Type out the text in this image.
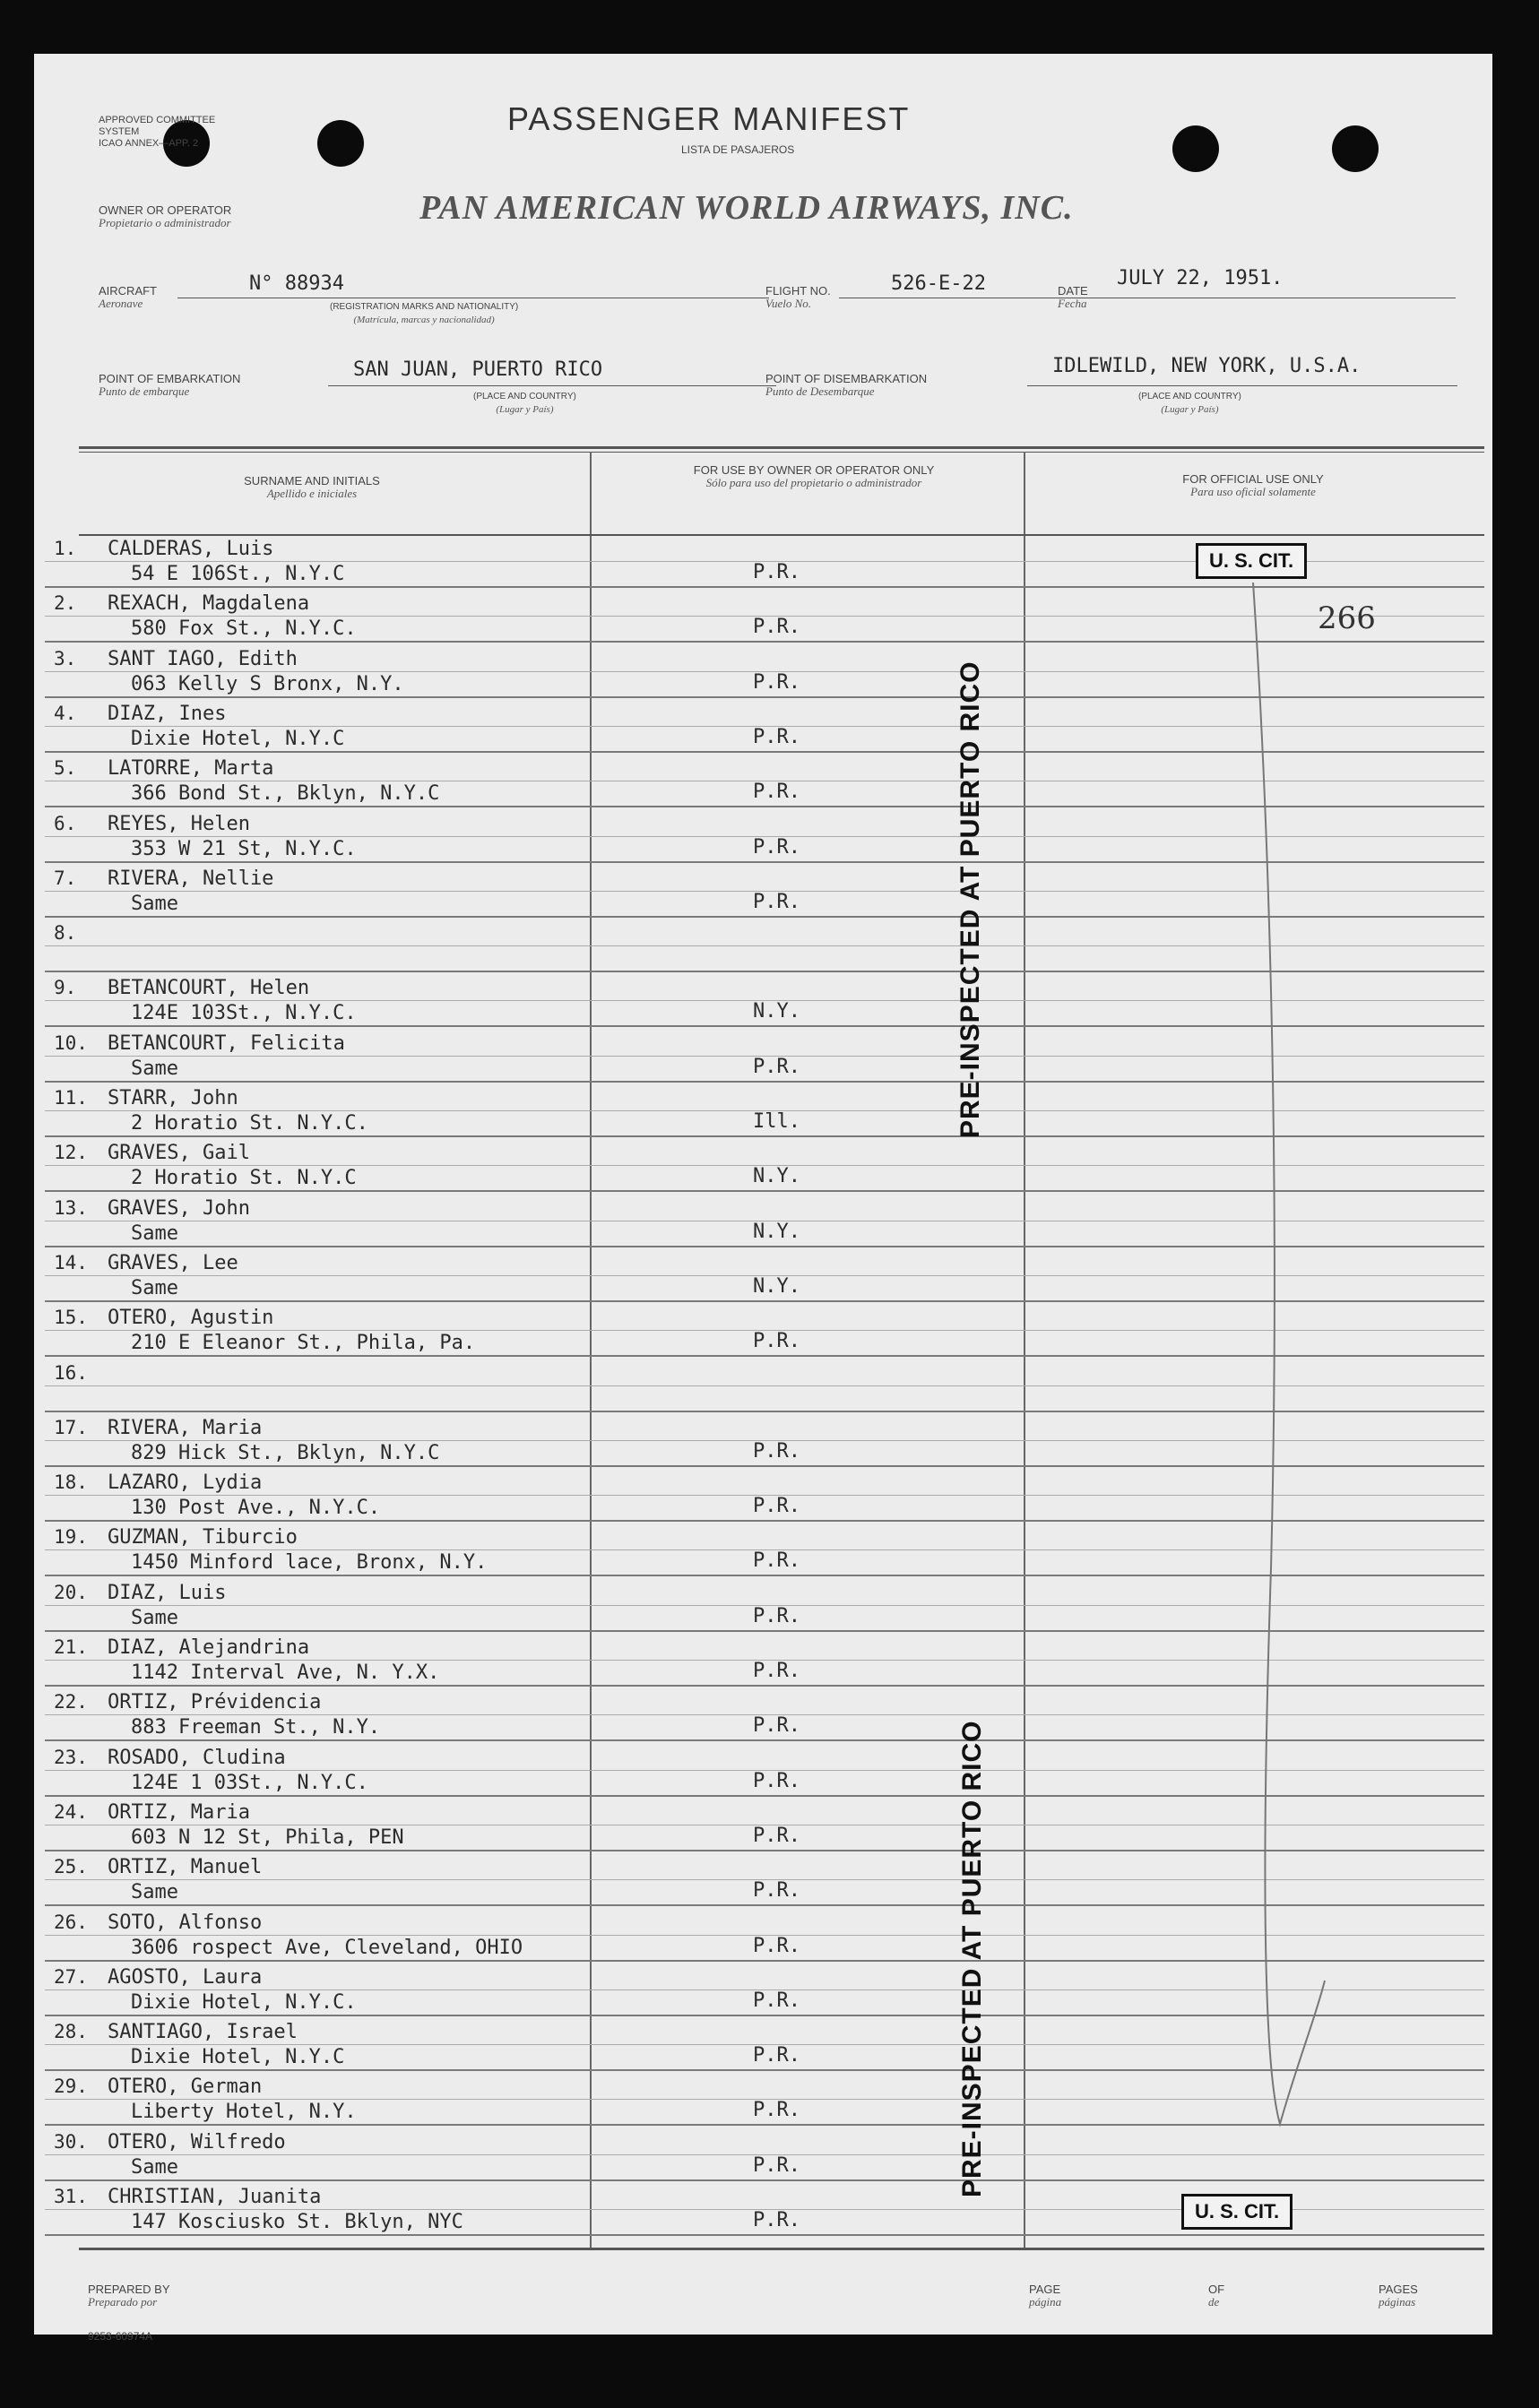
APPROVED COMMITTEE
SYSTEM
ICAO ANNEX—APP. 2
PASSENGER MANIFEST
LISTA DE PASAJEROS
OWNER OR OPERATOR
Propietario o administrador	PAN AMERICAN WORLD AIRWAYS, INC.
AIRCRAFT
Aeronave
N° 88934
(REGISTRATION MARKS AND NATIONALITY)
(Matrícula, marcas y nacionalidad)
FLIGHT NO.
Vuelo No.
526-E-22	DATE
Fecha
JULY 22, 1951.
POINT OF EMBARKATION
Punto de embarque
SAN JUAN, PUERTO RICO
(PLACE AND COUNTRY)
(Lugar y País)
POINT OF DISEMBARKATION
Punto de Desembarque
IDLEWILD, NEW YORK, U.S.A.
(PLACE AND COUNTRY)
(Lugar y País)
SURNAME AND INITIALS
Apellido e iniciales
FOR USE BY OWNER OR OPERATOR ONLY
Sólo para uso del propietario o administrador	FOR OFFICIAL USE ONLY
Para uso oficial solamente
1. CALDERAS, Luis
54 E 106St., N.Y.C	P.R.
2. REXACH, Magdalena
580 Fox St., N.Y.C.	P.R.
3. SANT IAGO, Edith
063 Kelly S Bronx, N.Y.	P.R.
4. DIAZ, Ines
Dixie Hotel, N.Y.C	P.R.
5. LATORRE, Marta
366 Bond St., Bklyn, N.Y.C	P.R.
6. REYES, Helen
353 W 21 St, N.Y.C.	P.R.
7. RIVERA, Nellie
Same	P.R.
8.
9. BETANCOURT, Helen
124E 103St., N.Y.C.	N.Y.
10. BETANCOURT, Felicita
Same	P.R.
11. STARR, John
2 Horatio St. N.Y.C.	Ill.
12. GRAVES, Gail
2 Horatio St. N.Y.C	N.Y.
13. GRAVES, John
Same	N.Y.
14. GRAVES, Lee
Same	N.Y.
15. OTERO, Agustin
210 E Eleanor St., Phila, Pa.	P.R.
16.
17. RIVERA, Maria
829 Hick St., Bklyn, N.Y.C	P.R.
18. LAZARO, Lydia
130 Post Ave., N.Y.C.	P.R.
19. GUZMAN, Tiburcio
1450 Minford lace, Bronx, N.Y.	P.R.
20. DIAZ, Luis
Same	P.R.
21. DIAZ, Alejandrina
1142 Interval Ave, N. Y.X.	P.R.
22. ORTIZ, Prévidencia
883 Freeman St., N.Y.	P.R.
23. ROSADO, Cludina
124E 1 03St., N.Y.C.	P.R.
24. ORTIZ, Maria
603 N 12 St, Phila, PEN	P.R.
25. ORTIZ, Manuel
Same	P.R.
26. SOTO, Alfonso
3606 rospect Ave, Cleveland, OHIO	P.R.
27. AGOSTO, Laura
Dixie Hotel, N.Y.C.	P.R.
28. SANTIAGO, Israel
Dixie Hotel, N.Y.C	P.R.
29. OTERO, German
Liberty Hotel, N.Y.	P.R.
30. OTERO, Wilfredo
Same	P.R.
31. CHRISTIAN, Juanita
147 Kosciusko St. Bklyn, NYC	P.R.
U. S. CIT.
266
U. S. CIT.
PRE-INSPECTED AT PUERTO RICO
PRE-INSPECTED AT PUERTO RICO
PREPARED BY
Preparado por
PAGE
página
OF
de
PAGES
páginas
9253-60974A
